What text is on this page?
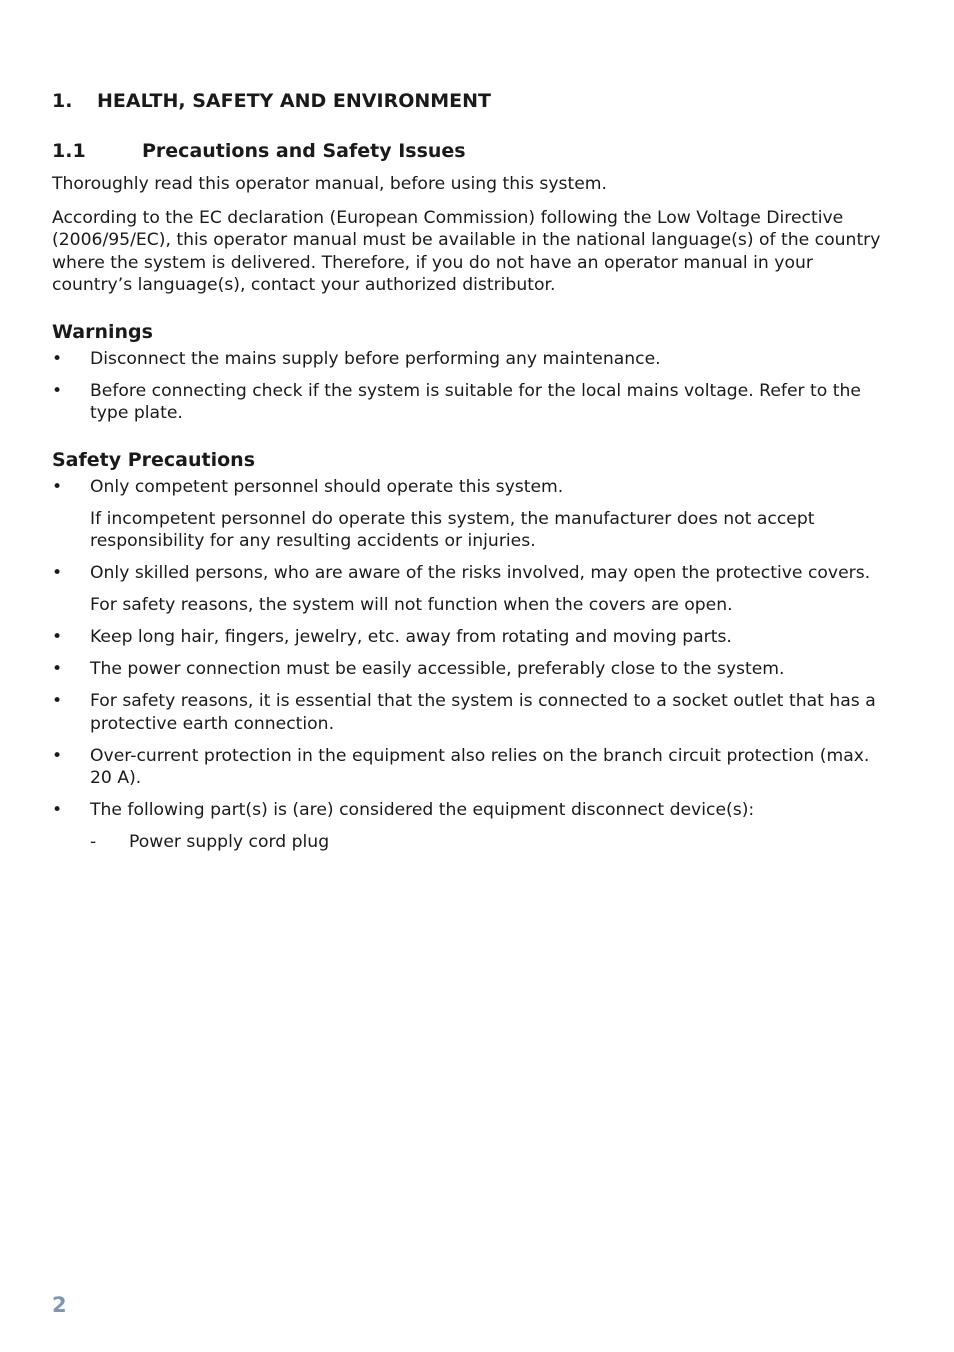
1.	HEALTH, SAFETY AND ENVIRONMENT
1.1	Precautions and Safety Issues

Thoroughly read this operator manual, before using this system.

According to the EC declaration (European Commission) following the Low Voltage Directive (2006/95/EC), this operator manual must be available in the national language(s) of the country where the system is delivered. Therefore, if you do not have an operator manual in your country’s language(s), contact your authorized distributor.

Warnings
•	Disconnect the mains supply before performing any maintenance.
•	Before connecting check if the system is suitable for the local mains voltage. Refer to the type plate.
Safety Precautions
•	Only competent personnel should operate this system.
If incompetent personnel do operate this system, the manufacturer does not accept responsibility for any resulting accidents or injuries.
•	Only skilled persons, who are aware of the risks involved, may open the protective covers.
For safety reasons, the system will not function when the covers are open.
•	Keep long hair, fingers, jewelry, etc. away from rotating and moving parts.
•	The power connection must be easily accessible, preferably close to the system.
•	For safety reasons, it is essential that the system is connected to a socket outlet that has a protective earth connection.
•	Over-current protection in the equipment also relies on the branch circuit protection (max. 20 A).
•	The following part(s) is (are) considered the equipment disconnect device(s):
-	Power supply cord plug
2
